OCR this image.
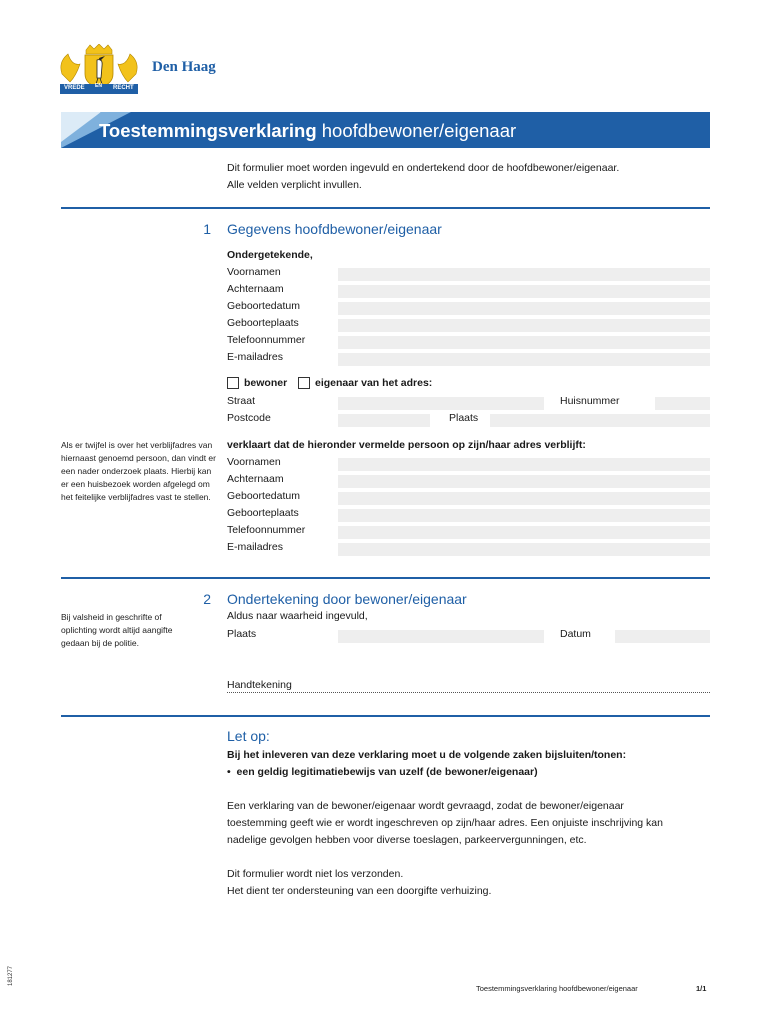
VREDE EN RECHT
Den Haag
Toestemmingsverklaring hoofdbewoner/eigenaar
Dit formulier moet worden ingevuld en ondertekend door de hoofdbewoner/eigenaar.
Alle velden verplicht invullen.
1 Gegevens hoofdbewoner/eigenaar
Ondergetekende,
Voornamen
Achternaam
Geboortedatum
Geboorteplaats
Telefoonnummer
E-mailadres
bewoner	eigenaar van het adres:
Straat	Huisnummer
Postcode	Plaats
Als er twijfel is over het verblijfadres van hiernaast genoemd persoon, dan vindt er een nader onderzoek plaats. Hierbij kan er een huisbezoek worden afgelegd om het feitelijke verblijfadres vast te stellen.
verklaart dat de hieronder vermelde persoon op zijn/haar adres verblijft:
Voornamen
Achternaam
Geboortedatum
Geboorteplaats
Telefoonnummer
E-mailadres
2 Ondertekening door bewoner/eigenaar
Bij valsheid in geschrifte of oplichting wordt altijd aangifte gedaan bij de politie.
Aldus naar waarheid ingevuld,
Plaats	Datum
Handtekening
Let op:
Bij het inleveren van deze verklaring moet u de volgende zaken bijsluiten/tonen:
•  een geldig legitimatiebewijs van uzelf (de bewoner/eigenaar)
Een verklaring van de bewoner/eigenaar wordt gevraagd, zodat de bewoner/eigenaar
toestemming geeft wie er wordt ingeschreven op zijn/haar adres. Een onjuiste inschrijving kan
nadelige gevolgen hebben voor diverse toeslagen, parkeervergunningen, etc.
Dit formulier wordt niet los verzonden.
Het dient ter ondersteuning van een doorgifte verhuizing.
181277
Toestemmingsverklaring hoofdbewoner/eigenaar	1/1
